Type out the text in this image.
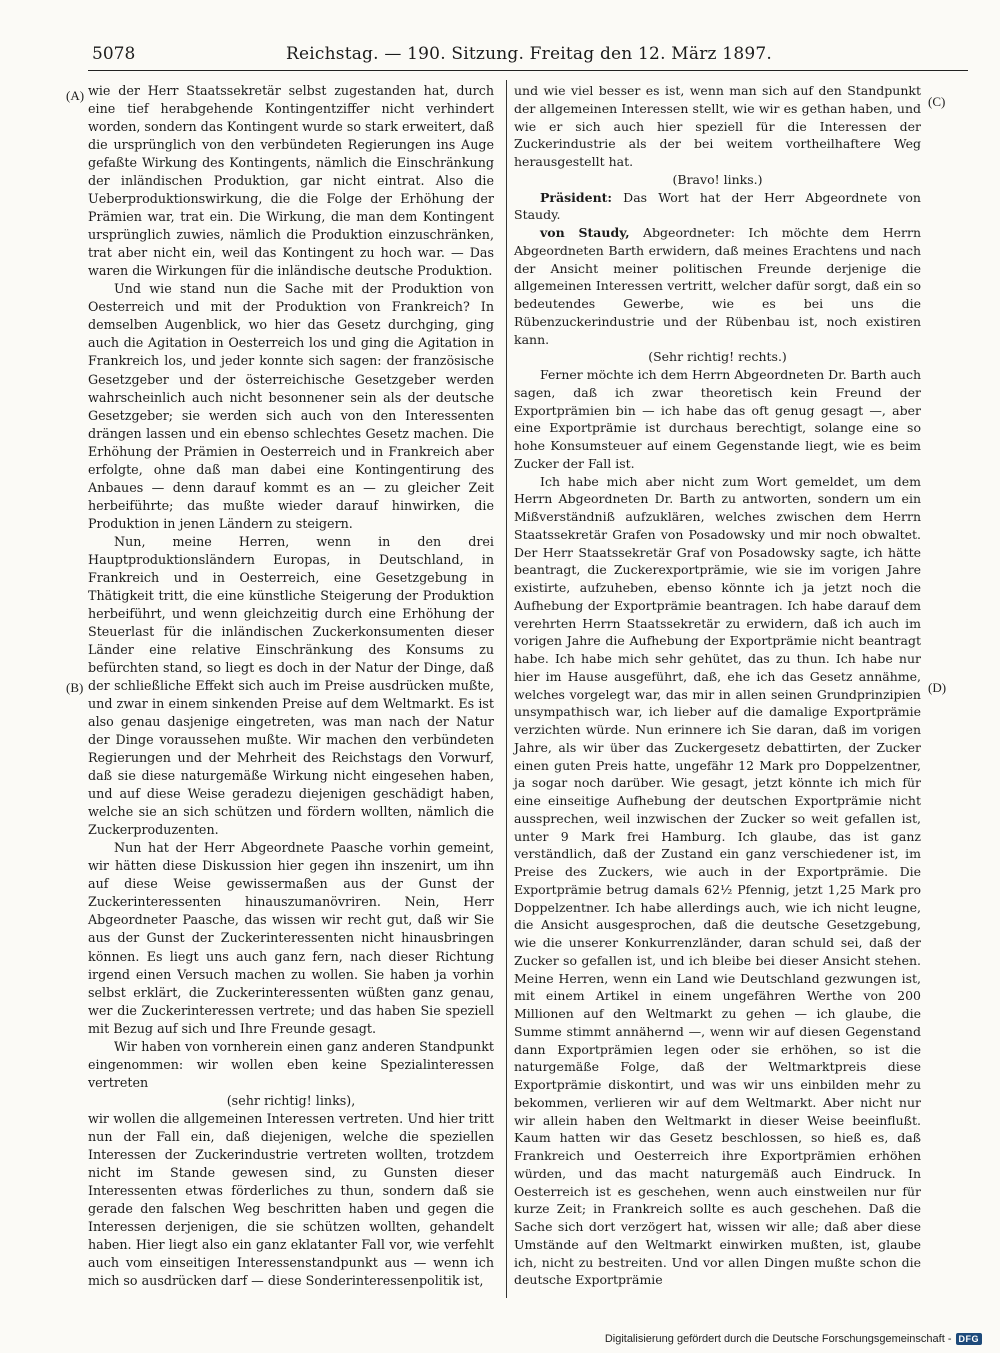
5078	Reichstag. — 190. Sitzung. Freitag den 12. März 1897.
(A)
(B)
(C)
(D)

wie der Herr Staatssekretär selbst zugestanden hat, durch eine tief herabgehende Kontingentziffer nicht verhindert worden, sondern das Kontingent wurde so stark erweitert, daß die ursprünglich von den verbündeten Regierungen ins Auge gefaßte Wirkung des Kontingents, nämlich die Einschränkung der inländischen Produktion, gar nicht eintrat. Also die Ueberproduktionswirkung, die die Folge der Erhöhung der Prämien war, trat ein. Die Wirkung, die man dem Kontingent ursprünglich zuwies, nämlich die Produktion einzuschränken, trat aber nicht ein, weil das Kontingent zu hoch war. — Das waren die Wirkungen für die inländische deutsche Produktion.

Und wie stand nun die Sache mit der Produktion von Oesterreich und mit der Produktion von Frankreich? In demselben Augenblick, wo hier das Gesetz durchging, ging auch die Agitation in Oesterreich los und ging die Agitation in Frankreich los, und jeder konnte sich sagen: der französische Gesetzgeber und der österreichische Gesetzgeber werden wahrscheinlich auch nicht besonnener sein als der deutsche Gesetzgeber; sie werden sich auch von den Interessenten drängen lassen und ein ebenso schlechtes Gesetz machen. Die Erhöhung der Prämien in Oesterreich und in Frankreich aber erfolgte, ohne daß man dabei eine Kontingentirung des Anbaues — denn darauf kommt es an — zu gleicher Zeit herbeiführte; das mußte wieder darauf hinwirken, die Produktion in jenen Ländern zu steigern.

Nun, meine Herren, wenn in den drei Hauptproduktionsländern Europas, in Deutschland, in Frankreich und in Oesterreich, eine Gesetzgebung in Thätigkeit tritt, die eine künstliche Steigerung der Produktion herbeiführt, und wenn gleichzeitig durch eine Erhöhung der Steuerlast für die inländischen Zuckerkonsumenten dieser Länder eine relative Einschränkung des Konsums zu befürchten stand, so liegt es doch in der Natur der Dinge, daß der schließliche Effekt sich auch im Preise ausdrücken mußte, und zwar in einem sinkenden Preise auf dem Weltmarkt. Es ist also genau dasjenige eingetreten, was man nach der Natur der Dinge voraussehen mußte. Wir machen den verbündeten Regierungen und der Mehrheit des Reichstags den Vorwurf, daß sie diese naturgemäße Wirkung nicht eingesehen haben, und auf diese Weise geradezu diejenigen geschädigt haben, welche sie an sich schützen und fördern wollten, nämlich die Zuckerproduzenten.

Nun hat der Herr Abgeordnete Paasche vorhin gemeint, wir hätten diese Diskussion hier gegen ihn inszenirt, um ihn auf diese Weise gewissermaßen aus der Gunst der Zuckerinteressenten hinauszumanövriren. Nein, Herr Abgeordneter Paasche, das wissen wir recht gut, daß wir Sie aus der Gunst der Zuckerinteressenten nicht hinausbringen können. Es liegt uns auch ganz fern, nach dieser Richtung irgend einen Versuch machen zu wollen. Sie haben ja vorhin selbst erklärt, die Zuckerinteressenten wüßten ganz genau, wer die Zuckerinteressen vertrete; und das haben Sie speziell mit Bezug auf sich und Ihre Freunde gesagt.

Wir haben von vornherein einen ganz anderen Standpunkt eingenommen: wir wollen eben keine Spezialinteressen vertreten

(sehr richtig! links),

wir wollen die allgemeinen Interessen vertreten. Und hier tritt nun der Fall ein, daß diejenigen, welche die speziellen Interessen der Zuckerindustrie vertreten wollten, trotzdem nicht im Stande gewesen sind, zu Gunsten dieser Interessenten etwas förderliches zu thun, sondern daß sie gerade den falschen Weg beschritten haben und gegen die Interessen derjenigen, die sie schützen wollten, gehandelt haben. Hier liegt also ein ganz eklatanter Fall vor, wie verfehlt auch vom einseitigen Interessenstandpunkt aus — wenn ich mich so ausdrücken darf — diese Sonderinteressenpolitik ist,

und wie viel besser es ist, wenn man sich auf den Standpunkt der allgemeinen Interessen stellt, wie wir es gethan haben, und wie er sich auch hier speziell für die Interessen der Zuckerindustrie als der bei weitem vortheilhaftere Weg herausgestellt hat.

(Bravo! links.)

Präsident: Das Wort hat der Herr Abgeordnete von Staudy.

von Staudy, Abgeordneter: Ich möchte dem Herrn Abgeordneten Barth erwidern, daß meines Erachtens und nach der Ansicht meiner politischen Freunde derjenige die allgemeinen Interessen vertritt, welcher dafür sorgt, daß ein so bedeutendes Gewerbe, wie es bei uns die Rübenzuckerindustrie und der Rübenbau ist, noch existiren kann.

(Sehr richtig! rechts.)

Ferner möchte ich dem Herrn Abgeordneten Dr. Barth auch sagen, daß ich zwar theoretisch kein Freund der Exportprämien bin — ich habe das oft genug gesagt —, aber eine Exportprämie ist durchaus berechtigt, solange eine so hohe Konsumsteuer auf einem Gegenstande liegt, wie es beim Zucker der Fall ist.

Ich habe mich aber nicht zum Wort gemeldet, um dem Herrn Abgeordneten Dr. Barth zu antworten, sondern um ein Mißverständniß aufzuklären, welches zwischen dem Herrn Staatssekretär Grafen von Posadowsky und mir noch obwaltet. Der Herr Staatssekretär Graf von Posadowsky sagte, ich hätte beantragt, die Zuckerexportprämie, wie sie im vorigen Jahre existirte, aufzuheben, ebenso könnte ich ja jetzt noch die Aufhebung der Exportprämie beantragen. Ich habe darauf dem verehrten Herrn Staatssekretär zu erwidern, daß ich auch im vorigen Jahre die Aufhebung der Exportprämie nicht beantragt habe. Ich habe mich sehr gehütet, das zu thun. Ich habe nur hier im Hause ausgeführt, daß, ehe ich das Gesetz annähme, welches vorgelegt war, das mir in allen seinen Grundprinzipien unsympathisch war, ich lieber auf die damalige Exportprämie verzichten würde. Nun erinnere ich Sie daran, daß im vorigen Jahre, als wir über das Zuckergesetz debattirten, der Zucker einen guten Preis hatte, ungefähr 12 Mark pro Doppelzentner, ja sogar noch darüber. Wie gesagt, jetzt könnte ich mich für eine einseitige Aufhebung der deutschen Exportprämie nicht aussprechen, weil inzwischen der Zucker so weit gefallen ist, unter 9 Mark frei Hamburg. Ich glaube, das ist ganz verständlich, daß der Zustand ein ganz verschiedener ist, im Preise des Zuckers, wie auch in der Exportprämie. Die Exportprämie betrug damals 62½ Pfennig, jetzt 1,25 Mark pro Doppelzentner. Ich habe allerdings auch, wie ich nicht leugne, die Ansicht ausgesprochen, daß die deutsche Gesetzgebung, wie die unserer Konkurrenzländer, daran schuld sei, daß der Zucker so gefallen ist, und ich bleibe bei dieser Ansicht stehen. Meine Herren, wenn ein Land wie Deutschland gezwungen ist, mit einem Artikel in einem ungefähren Werthe von 200 Millionen auf den Weltmarkt zu gehen — ich glaube, die Summe stimmt annähernd —, wenn wir auf diesen Gegenstand dann Exportprämien legen oder sie erhöhen, so ist die naturgemäße Folge, daß der Weltmarktpreis diese Exportprämie diskontirt, und was wir uns einbilden mehr zu bekommen, verlieren wir auf dem Weltmarkt. Aber nicht nur wir allein haben den Weltmarkt in dieser Weise beeinflußt. Kaum hatten wir das Gesetz beschlossen, so hieß es, daß Frankreich und Oesterreich ihre Exportprämien erhöhen würden, und das macht naturgemäß auch Eindruck. In Oesterreich ist es geschehen, wenn auch einstweilen nur für kurze Zeit; in Frankreich sollte es auch geschehen. Daß die Sache sich dort verzögert hat, wissen wir alle; daß aber diese Umstände auf den Weltmarkt einwirken mußten, ist, glaube ich, nicht zu bestreiten. Und vor allen Dingen mußte schon die deutsche Exportprämie

Digitalisierung gefördert durch die Deutsche Forschungsgemeinschaft - DFG
